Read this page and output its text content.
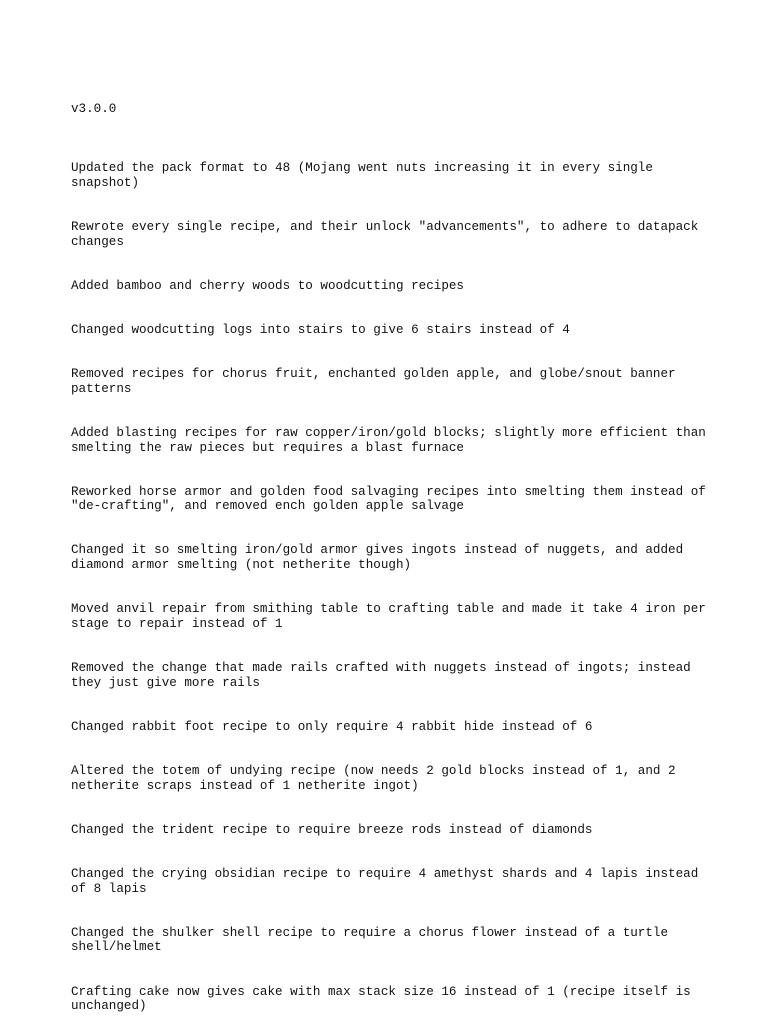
v3.0.0

Updated the pack format to 48 (Mojang went nuts increasing it in every single snapshot)

Rewrote every single recipe, and their unlock "advancements", to adhere to datapack changes

Added bamboo and cherry woods to woodcutting recipes

Changed woodcutting logs into stairs to give 6 stairs instead of 4

Removed recipes for chorus fruit, enchanted golden apple, and globe/snout banner patterns

Added blasting recipes for raw copper/iron/gold blocks; slightly more efficient than smelting the raw pieces but requires a blast furnace

Reworked horse armor and golden food salvaging recipes into smelting them instead of "de-crafting", and removed ench golden apple salvage

Changed it so smelting iron/gold armor gives ingots instead of nuggets, and added diamond armor smelting (not netherite though)

Moved anvil repair from smithing table to crafting table and made it take 4 iron per stage to repair instead of 1

Removed the change that made rails crafted with nuggets instead of ingots; instead they just give more rails

Changed rabbit foot recipe to only require 4 rabbit hide instead of 6

Altered the totem of undying recipe (now needs 2 gold blocks instead of 1, and 2 netherite scraps instead of 1 netherite ingot)

Changed the trident recipe to require breeze rods instead of diamonds

Changed the crying obsidian recipe to require 4 amethyst shards and 4 lapis instead of 8 lapis

Changed the shulker shell recipe to require a chorus flower instead of a turtle shell/helmet

Crafting cake now gives cake with max stack size 16 instead of 1 (recipe itself is unchanged)
